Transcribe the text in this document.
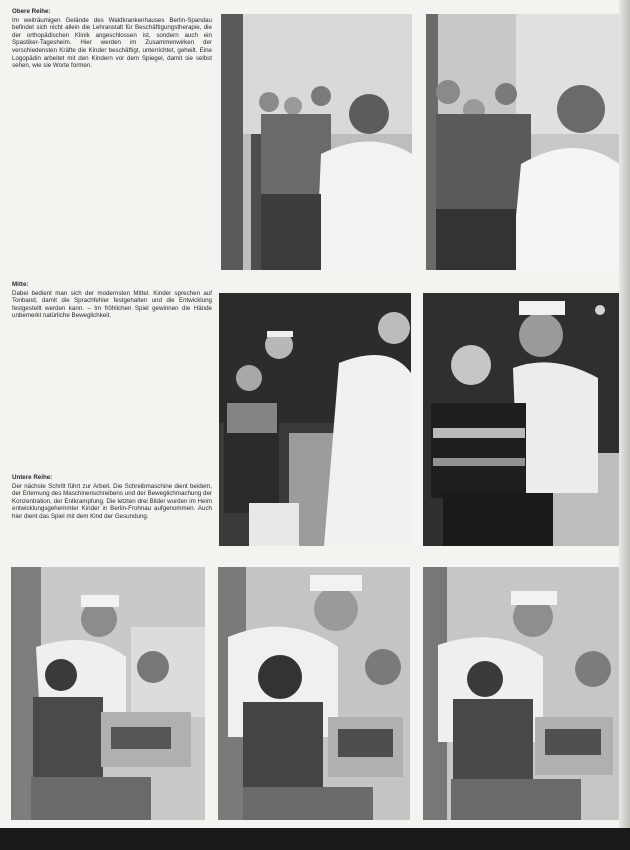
Obere Reihe:
Im weiträumigen Gelände des Waldkrankenhauses Berlin-Spandau befindet sich nicht allein die Lehranstalt für Beschäftigungstherapie, die der orthopädischen Klinik angeschlossen ist, sondern auch ein Spastiker-Tagesheim. Hier werden im Zusammenwirken der verschiedensten Kräfte die Kinder beschäftigt, unterrichtet, geheilt. Eine Logopädin arbeitet mit den Kindern vor dem Spiegel, damit sie selbst sehen, wie sie Worte formen.
Mitte:
Dabei bedient man sich der modernsten Mittel. Kinder sprechen auf Tonband, damit die Sprachfehler festgehalten und die Entwicklung festgestellt werden kann. – Im fröhlichen Spiel gewinnen die Hände unbemerkt natürliche Beweglichkeit.
Untere Reihe:
Der nächste Schritt führt zur Arbeit. Die Schreibmaschine dient beidem, der Erlernung des Maschinenschreibens und der Beweglichmachung der Konzentration, der Entkrampfung. Die letzten drei Bilder wurden im Heim entwicklungsgehemmter Kinder in Berlin-Frohnau aufgenommen. Auch hier dient das Spiel mit dem Kind der Gesundung.
